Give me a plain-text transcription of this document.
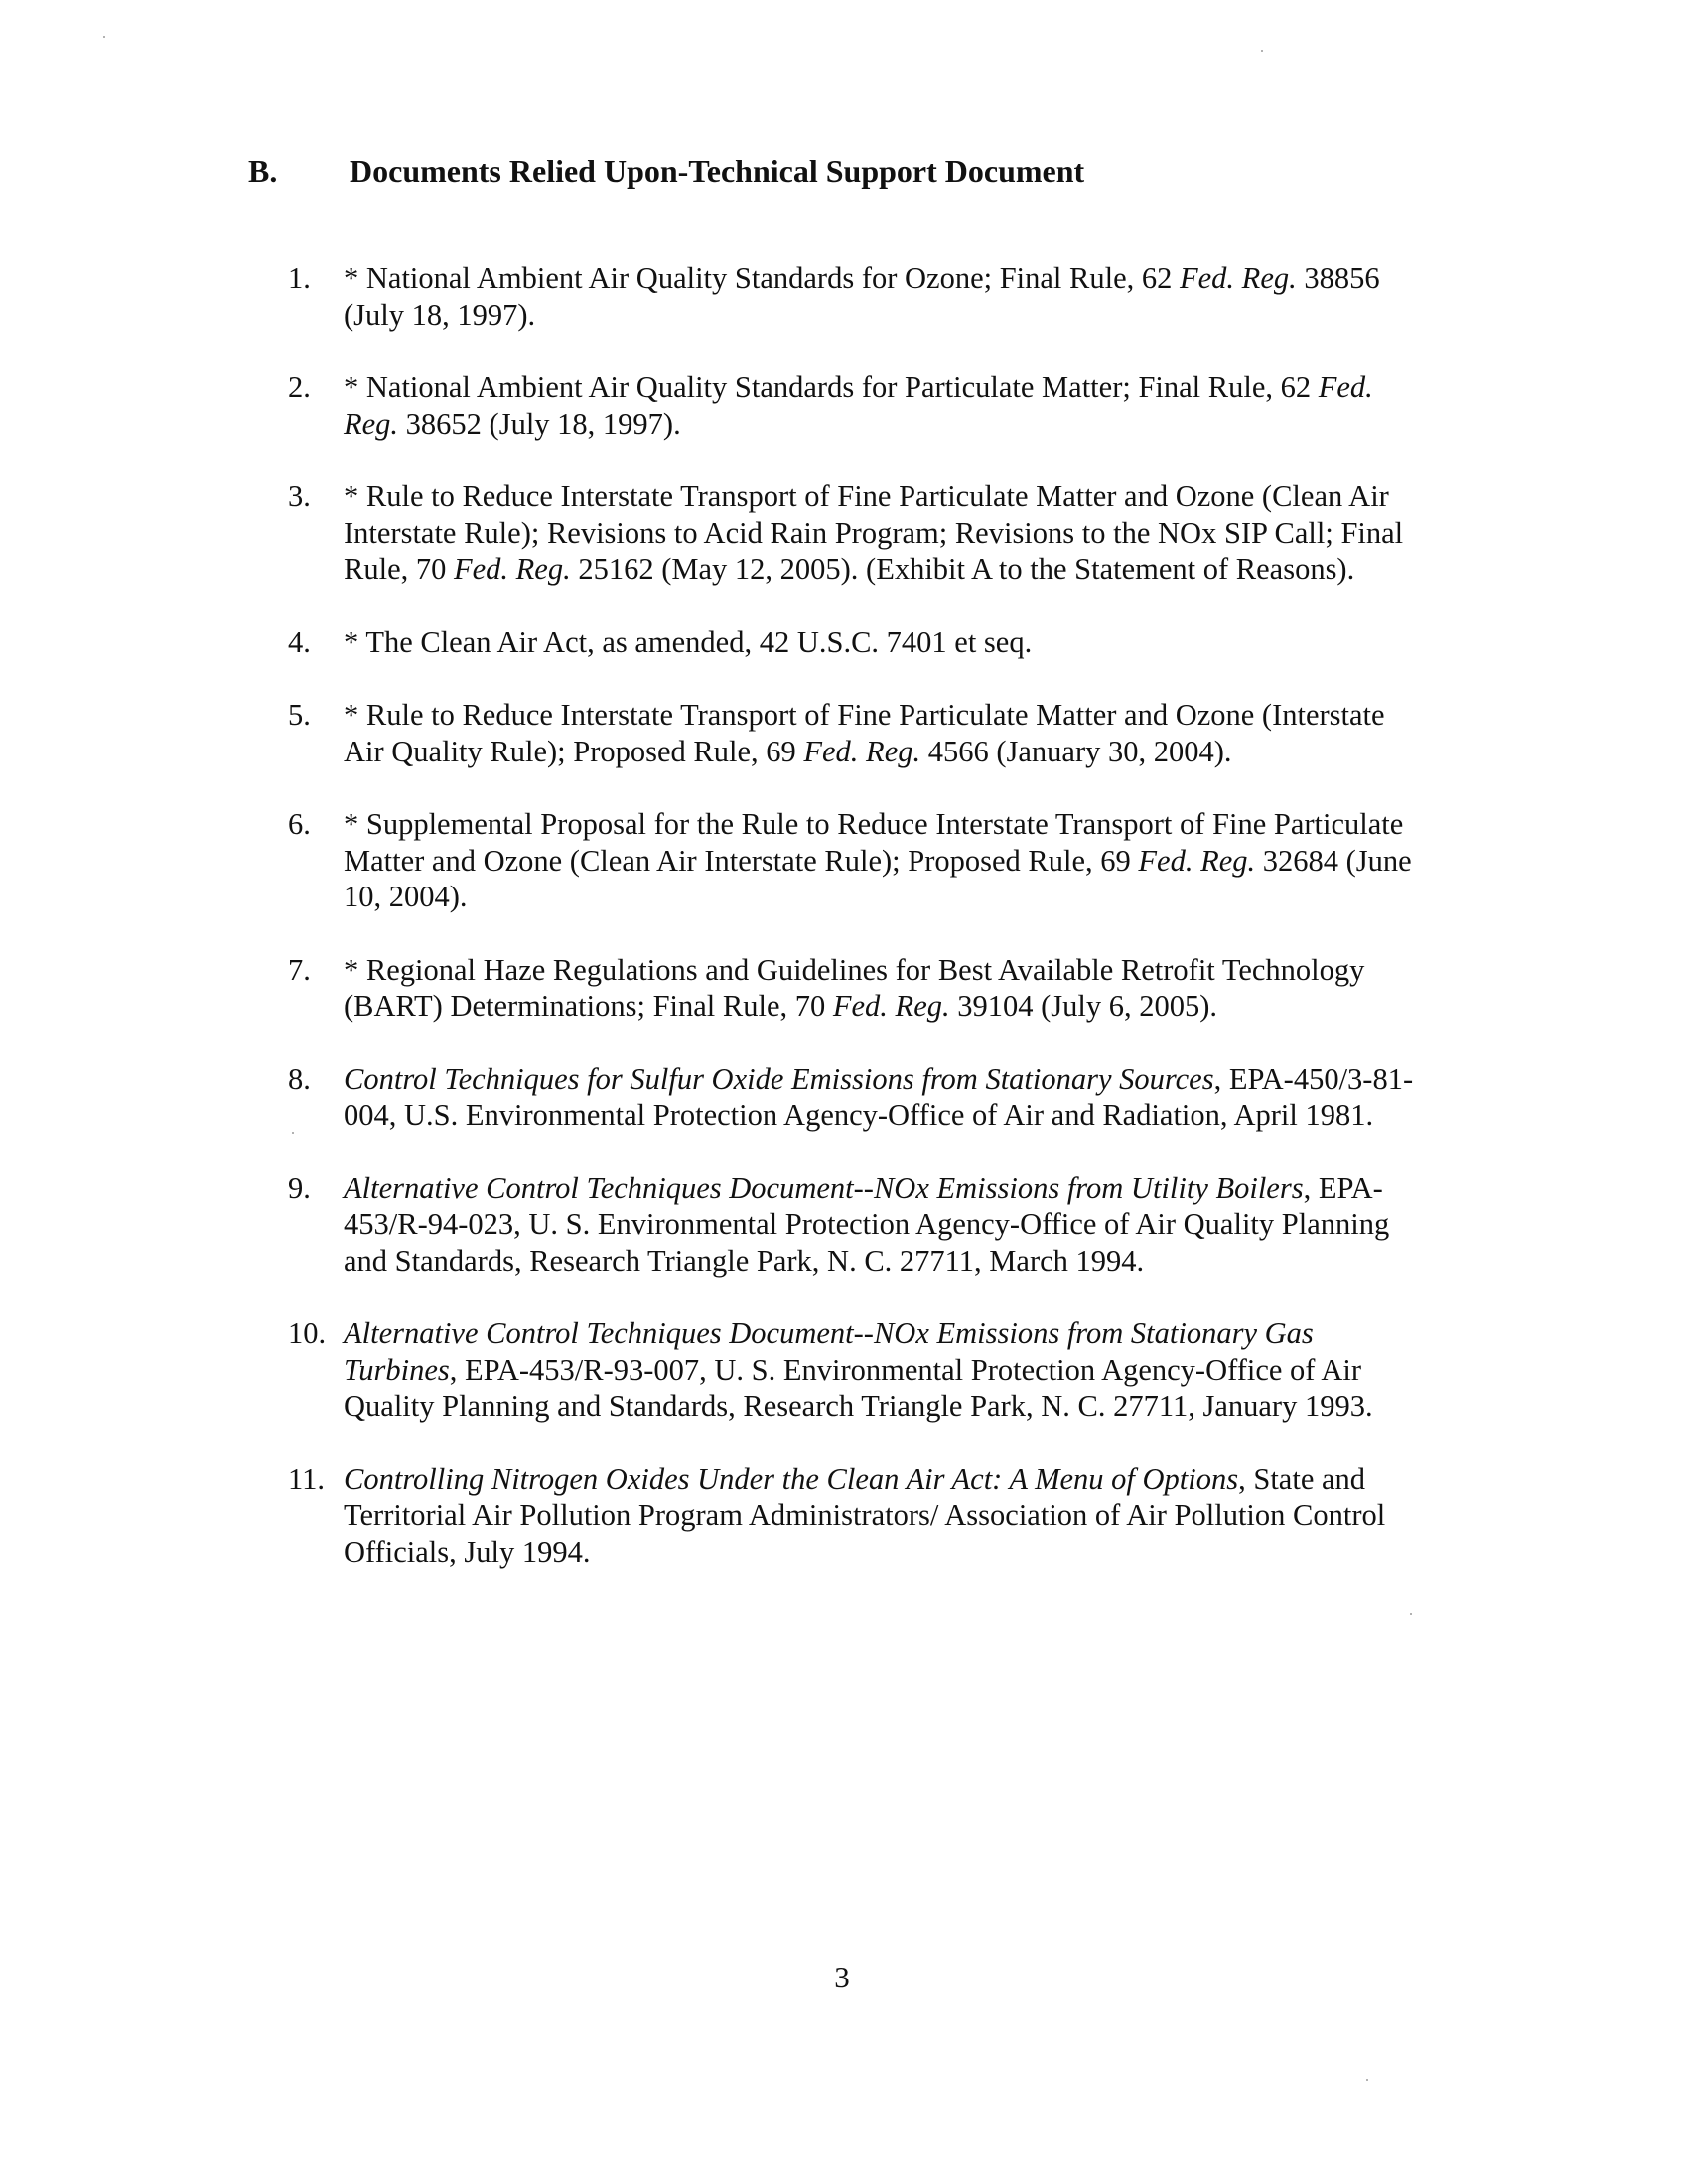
B. Documents Relied Upon-Technical Support Document
1. * National Ambient Air Quality Standards for Ozone; Final Rule, 62 Fed. Reg. 38856 (July 18, 1997).
2. * National Ambient Air Quality Standards for Particulate Matter; Final Rule, 62 Fed. Reg. 38652 (July 18, 1997).
3. * Rule to Reduce Interstate Transport of Fine Particulate Matter and Ozone (Clean Air Interstate Rule); Revisions to Acid Rain Program; Revisions to the NOx SIP Call; Final Rule, 70 Fed. Reg. 25162 (May 12, 2005). (Exhibit A to the Statement of Reasons).
4. * The Clean Air Act, as amended, 42 U.S.C. 7401 et seq.
5. * Rule to Reduce Interstate Transport of Fine Particulate Matter and Ozone (Interstate Air Quality Rule); Proposed Rule, 69 Fed. Reg. 4566 (January 30, 2004).
6. * Supplemental Proposal for the Rule to Reduce Interstate Transport of Fine Particulate Matter and Ozone (Clean Air Interstate Rule); Proposed Rule, 69 Fed. Reg. 32684 (June 10, 2004).
7. * Regional Haze Regulations and Guidelines for Best Available Retrofit Technology (BART) Determinations; Final Rule, 70 Fed. Reg. 39104 (July 6, 2005).
8. Control Techniques for Sulfur Oxide Emissions from Stationary Sources, EPA-450/3-81-004, U.S. Environmental Protection Agency-Office of Air and Radiation, April 1981.
9. Alternative Control Techniques Document--NOx Emissions from Utility Boilers, EPA-453/R-94-023, U. S. Environmental Protection Agency-Office of Air Quality Planning and Standards, Research Triangle Park, N. C. 27711, March 1994.
10. Alternative Control Techniques Document--NOx Emissions from Stationary Gas Turbines, EPA-453/R-93-007, U. S. Environmental Protection Agency-Office of Air Quality Planning and Standards, Research Triangle Park, N. C. 27711, January 1993.
11. Controlling Nitrogen Oxides Under the Clean Air Act: A Menu of Options, State and Territorial Air Pollution Program Administrators/ Association of Air Pollution Control Officials, July 1994.
3
